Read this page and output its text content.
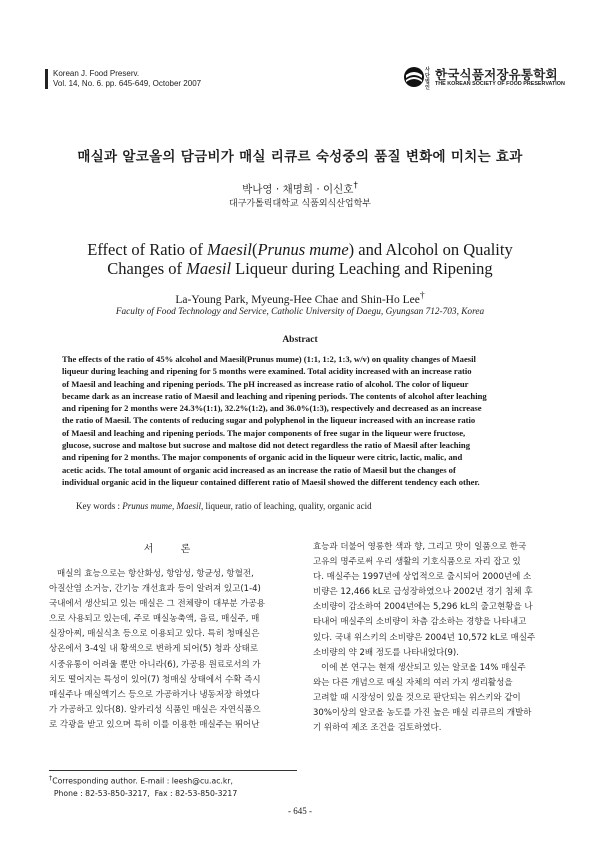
Korean J. Food Preserv.
Vol. 14, No. 6. pp. 645-649, October 2007
사단 법인
한국식품저장유통학회
THE KOREAN SOCIETY OF FOOD PRESERVATION
매실과 알코올의 담금비가 매실 리큐르 숙성중의 품질 변화에 미치는 효과
박나영 · 채명희 · 이신호†
대구가톨릭대학교 식품외식산업학부
Effect of Ratio of Maesil(Prunus mume) and Alcohol on Quality
Changes of Maesil Liqueur during Leaching and Ripening
La-Young Park, Myeung-Hee Chae and Shin-Ho Lee†
Faculty of Food Technology and Service, Catholic University of Daegu, Gyungsan 712-703, Korea
Abstract
The effects of the ratio of 45% alcohol and Maesil(Prunus mume) (1:1, 1:2, 1:3, w/v) on quality changes of Maesil
liqueur during leaching and ripening for 5 months were examined. Total acidity increased with an increase ratio
of Maesil and leaching and ripening periods. The pH increased as increase ratio of alcohol. The color of liqueur
became dark as an increase ratio of Maesil and leaching and ripening periods. The contents of alcohol after leaching
and ripening for 2 months were 24.3%(1:1), 32.2%(1:2), and 36.0%(1:3), respectively and decreased as an increase
the ratio of Maesil. The contents of reducing sugar and polyphenol in the liqueur increased with an increase ratio
of Maesil and leaching and ripening periods. The major components of free sugar in the liqueur were fructose,
glucose, sucrose and maltose but sucrose and maltose did not detect regardless the ratio of Maesil after leaching
and ripening for 2 months. The major components of organic acid in the liqueur were citric, lactic, malic, and
acetic acids. The total amount of organic acid increased as an increase the ratio of Maesil but the changes of
individual organic acid in the liqueur contained different ratio of Maesil showed the different tendency each other.
Key words : Prunus mume, Maesil, liqueur, ratio of leaching, quality, organic acid
서 론
매실의 효능으로는 항산화성, 항암성, 항균성, 항혈전,
아질산염 소거능, 간기능 개선효과 등이 알려져 있고(1-4)
국내에서 생산되고 있는 매실은 그 전체량이 대부분 가공용
으로 사용되고 있는데, 주로 매실농축액, 음료, 매실주, 매
실장아찌, 매실식초 등으로 이용되고 있다. 특히 청매실은
상온에서 3-4일 내 황색으로 변하게 되어(5) 청과 상태로
시중유통이 어려울 뿐만 아니라(6), 가공용 원료로서의 가
치도 떨어지는 특성이 있어(7) 청매실 상태에서 수확 즉시
매실주나 매실엑기스 등으로 가공하거나 냉동저장 하였다
가 가공하고 있다(8). 알카리성 식품인 매실은 자연식품으
로 각광을 받고 있으며 특히 이를 이용한 매실주는 뛰어난
효능과 더불어 영롱한 색과 향, 그리고 맛이 일품으로 한국
고유의 명주로써 우리 생활의 기호식품으로 자리 잡고 있
다. 매실주는 1997년에 상업적으로 출시되어 2000년에 소
비량은 12,466 kL로 급성장하였으나 2002년 경기 침체 후
소비량이 감소하여 2004년에는 5,296 kL의 출고현황을 나
타내어 매실주의 소비량이 차츰 감소하는 경향을 나타내고
있다. 국내 위스키의 소비량은 2004년 10,572 kL로 매실주
소비량의 약 2배 정도를 나타내었다(9).
이에 본 연구는 현재 생산되고 있는 알코올 14% 매실주
와는 다른 개념으로 매실 자체의 여러 가지 생리활성을
고려할 때 시장성이 있을 것으로 판단되는 위스키와 같이
30%이상의 알코올 농도를 가진 높은 매실 리큐르의 개발하
기 위하여 제조 조건을 검토하였다.
†Corresponding author. E-mail : leesh@cu.ac.kr,
Phone : 82-53-850-3217,  Fax : 82-53-850-3217
- 645 -
